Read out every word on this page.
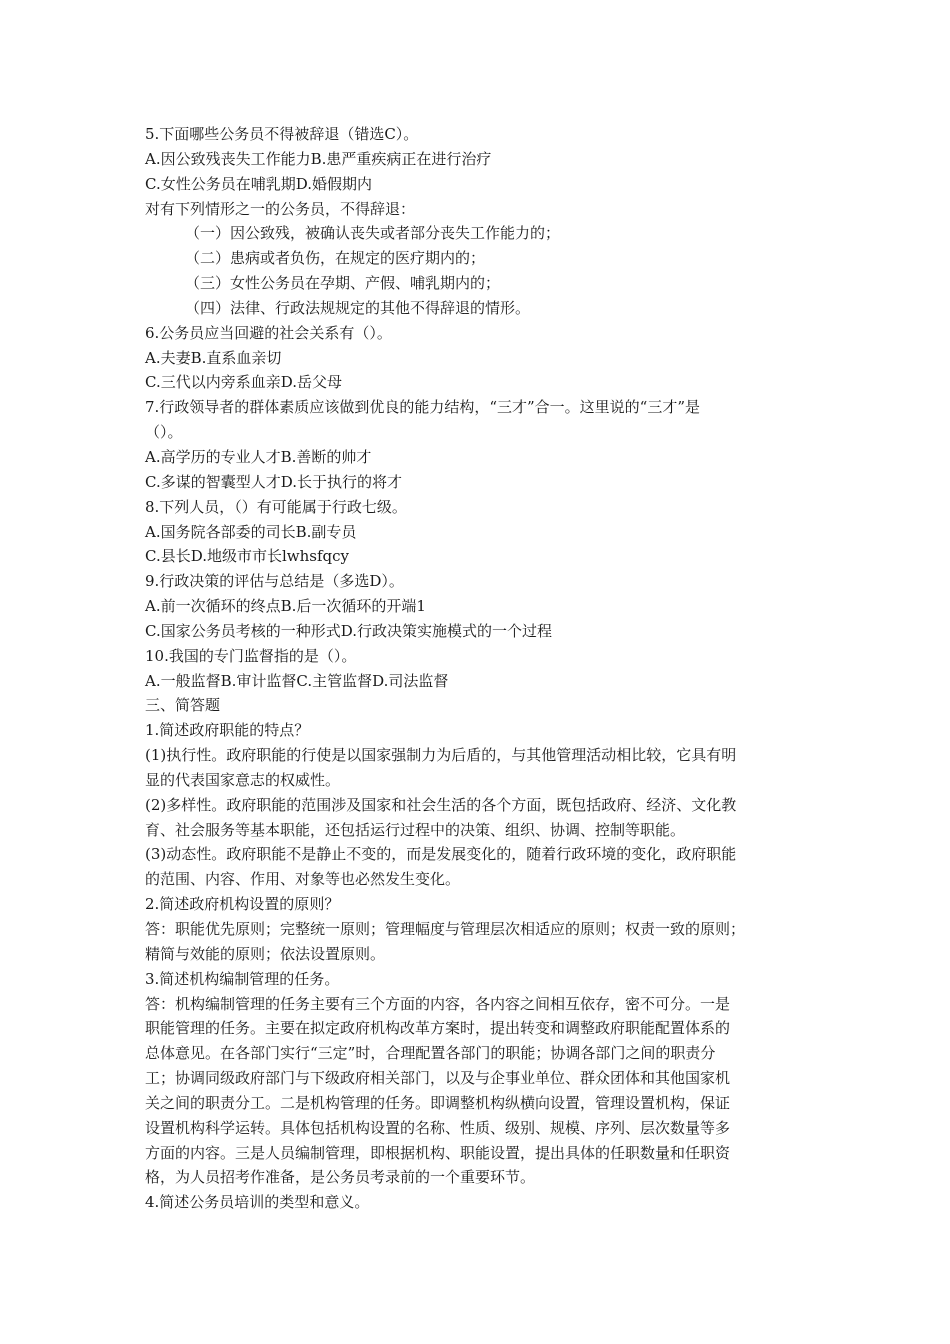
5.下面哪些公务员不得被辞退（错选C）。
A.因公致残丧失工作能力B.患严重疾病正在进行治疗
C.女性公务员在哺乳期D.婚假期内
对有下列情形之一的公务员，不得辞退：
（一）因公致残，被确认丧失或者部分丧失工作能力的；
（二）患病或者负伤，在规定的医疗期内的；
（三）女性公务员在孕期、产假、哺乳期内的；
（四）法律、行政法规规定的其他不得辞退的情形。
6.公务员应当回避的社会关系有（）。
A.夫妻B.直系血亲切
C.三代以内旁系血亲D.岳父母
7.行政领导者的群体素质应该做到优良的能力结构，“三才”合一。这里说的“三才”是
（）。
A.高学历的专业人才B.善断的帅才
C.多谋的智囊型人才D.长于执行的将才
8.下列人员，（）有可能属于行政七级。
A.国务院各部委的司长B.副专员
C.县长D.地级市市长lwhsfqcy
9.行政决策的评估与总结是（多选D）。
A.前一次循环的终点B.后一次循环的开端1
C.国家公务员考核的一种形式D.行政决策实施模式的一个过程
10.我国的专门监督指的是（）。
A.一般监督B.审计监督C.主管监督D.司法监督
三、简答题
1.简述政府职能的特点？
(1)执行性。政府职能的行使是以国家强制力为后盾的，与其他管理活动相比较，它具有明
显的代表国家意志的权威性。
(2)多样性。政府职能的范围涉及国家和社会生活的各个方面，既包括政府、经济、文化教
育、社会服务等基本职能，还包括运行过程中的决策、组织、协调、控制等职能。
(3)动态性。政府职能不是静止不变的，而是发展变化的，随着行政环境的变化，政府职能
的范围、内容、作用、对象等也必然发生变化。
2.简述政府机构设置的原则？
答：职能优先原则；完整统一原则；管理幅度与管理层次相适应的原则；权责一致的原则；
精简与效能的原则；依法设置原则。
3.简述机构编制管理的任务。
答：机构编制管理的任务主要有三个方面的内容，各内容之间相互依存，密不可分。一是
职能管理的任务。主要在拟定政府机构改革方案时，提出转变和调整政府职能配置体系的
总体意见。在各部门实行“三定”时，合理配置各部门的职能；协调各部门之间的职责分
工；协调同级政府部门与下级政府相关部门，以及与企事业单位、群众团体和其他国家机
关之间的职责分工。二是机构管理的任务。即调整机构纵横向设置，管理设置机构，保证
设置机构科学运转。具体包括机构设置的名称、性质、级别、规模、序列、层次数量等多
方面的内容。三是人员编制管理，即根据机构、职能设置，提出具体的任职数量和任职资
格，为人员招考作准备，是公务员考录前的一个重要环节。
4.简述公务员培训的类型和意义。
